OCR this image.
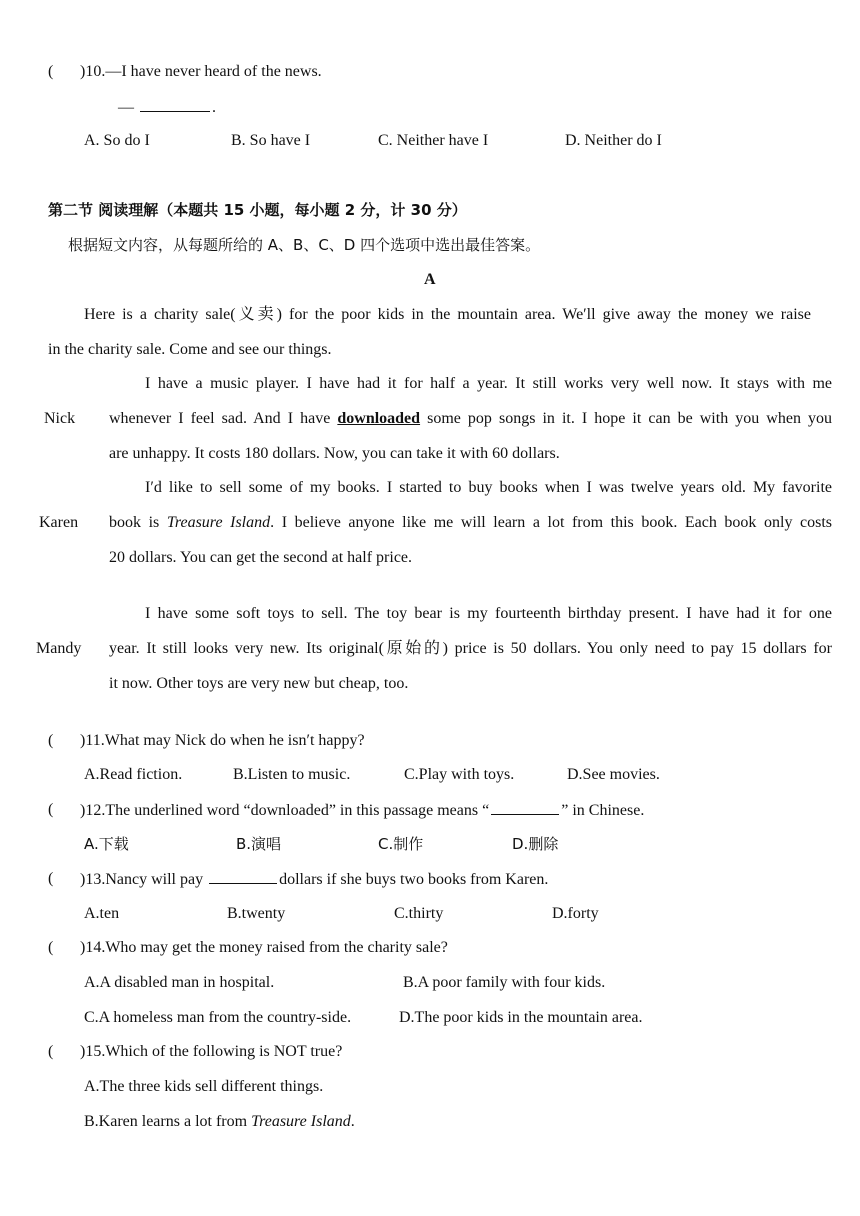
( )10.—I have never heard of the news.
—	.
A. So do I	B. So have I	C. Neither have I	D. Neither do I
第二节 阅读理解（本题共 15 小题，每小题 2 分，计 30 分）
根据短文内容，从每题所给的 A、B、C、D 四个选项中选出最佳答案。
A
Here is a charity sale(义卖) for the poor kids in the mountain area. We′ll give away the money we raise
in the charity sale. Come and see our things.
Nick
I have a music player. I have had it for half a year. It still works very well now. It stays with me
whenever I feel sad. And I have downloaded some pop songs in it. I hope it can be with you when you
are unhappy. It costs 180 dollars. Now, you can take it with 60 dollars.
Karen
I′d like to sell some of my books. I started to buy books when I was twelve years old. My favorite
book is Treasure Island. I believe anyone like me will learn a lot from this book. Each book only costs
20 dollars. You can get the second at half price.
Mandy
I have some soft toys to sell. The toy bear is my fourteenth birthday present. I have had it for one
year. It still looks very new. Its original(原始的) price is 50 dollars. You only need to pay 15 dollars for
it now. Other toys are very new but cheap, too.
( )11.What may Nick do when he isn′t happy?
A.Read fiction.	B.Listen to music.	C.Play with toys.	D.See movies.
( )12.The underlined word “downloaded” in this passage means “	” in Chinese.
A.下载	B.演唱	C.制作	D.删除
( )13.Nancy will pay	dollars if she buys two books from Karen.
A.ten	B.twenty	C.thirty	D.forty
( )14.Who may get the money raised from the charity sale?
A.A disabled man in hospital.	B.A poor family with four kids.
C.A homeless man from the country-side.	D.The poor kids in the mountain area.
( )15.Which of the following is NOT true?
A.The three kids sell different things.
B.Karen learns a lot from Treasure Island.
